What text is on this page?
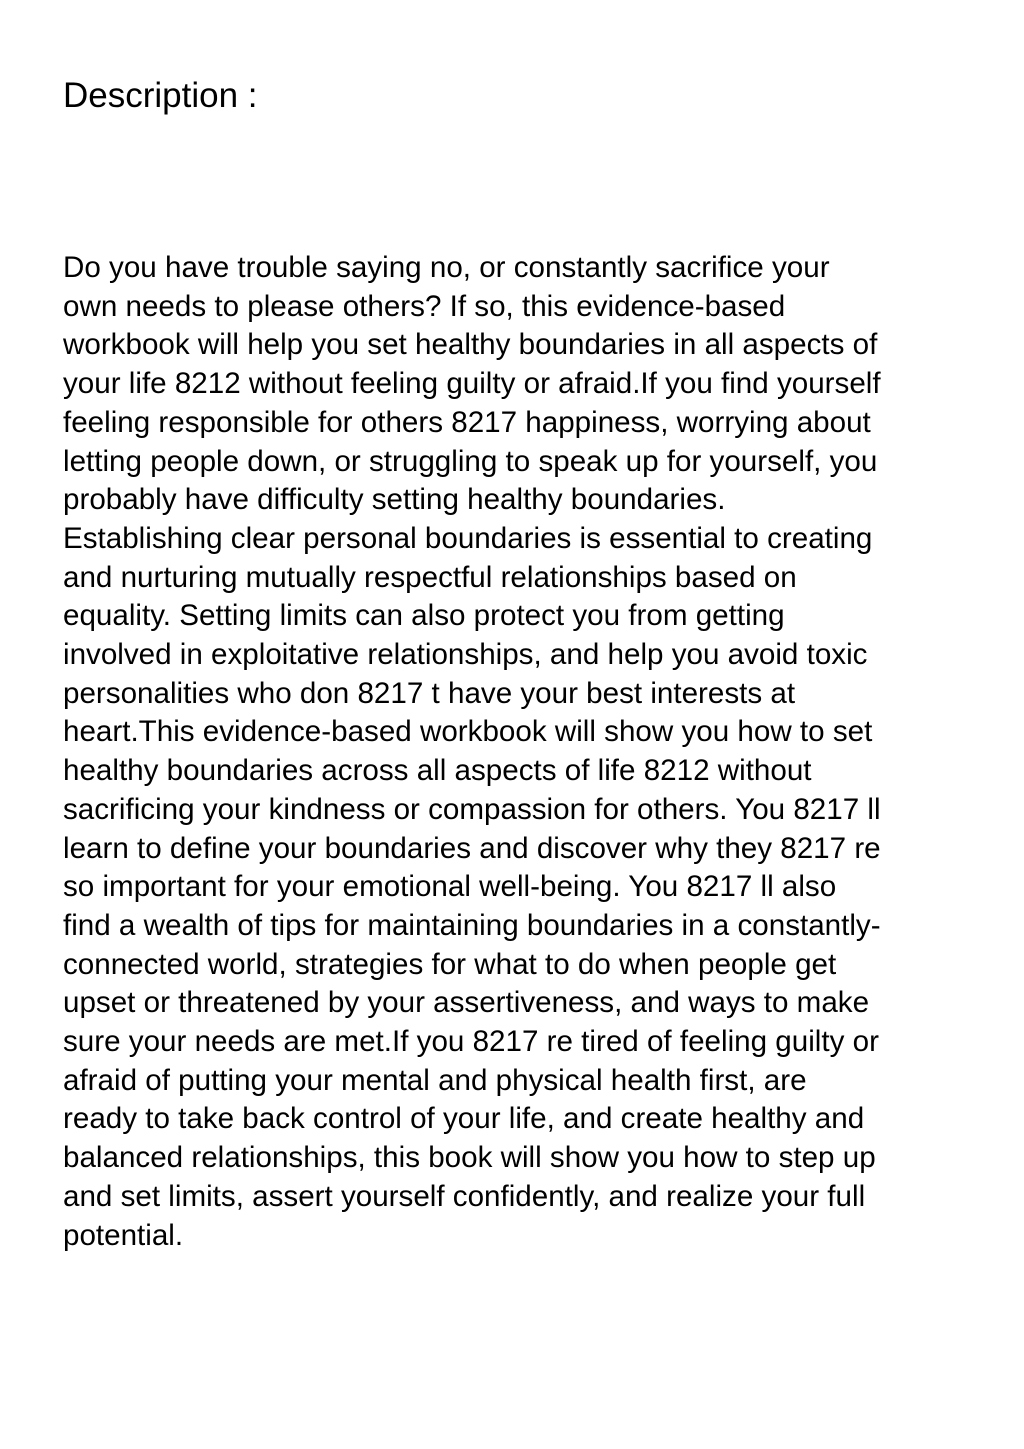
Description :
Do you have trouble saying no, or constantly sacrifice your
own needs to please others? If so, this evidence-based
workbook will help you set healthy boundaries in all aspects of
your life 8212 without feeling guilty or afraid.If you find yourself
feeling responsible for others 8217 happiness, worrying about
letting people down, or struggling to speak up for yourself, you
probably have difficulty setting healthy boundaries.
Establishing clear personal boundaries is essential to creating
and nurturing mutually respectful relationships based on
equality. Setting limits can also protect you from getting
involved in exploitative relationships, and help you avoid toxic
personalities who don 8217 t have your best interests at
heart.This evidence-based workbook will show you how to set
healthy boundaries across all aspects of life 8212 without
sacrificing your kindness or compassion for others. You 8217 ll
learn to define your boundaries and discover why they 8217 re
so important for your emotional well-being. You 8217 ll also
find a wealth of tips for maintaining boundaries in a constantly-
connected world, strategies for what to do when people get
upset or threatened by your assertiveness, and ways to make
sure your needs are met.If you 8217 re tired of feeling guilty or
afraid of putting your mental and physical health first, are
ready to take back control of your life, and create healthy and
balanced relationships, this book will show you how to step up
and set limits, assert yourself confidently, and realize your full
potential.
